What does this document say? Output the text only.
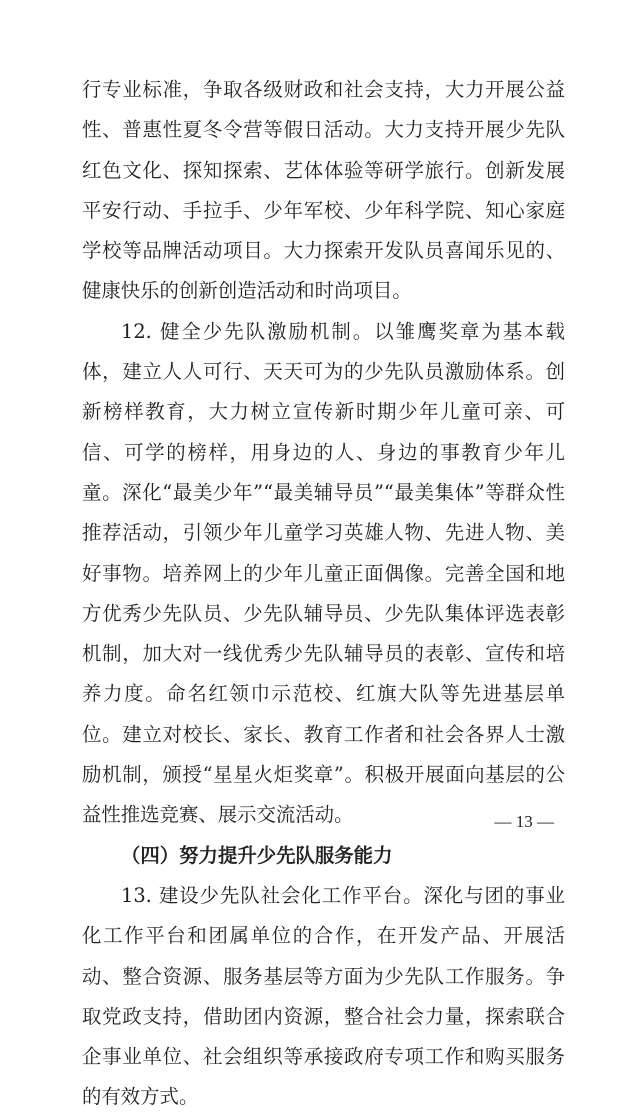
行专业标准，争取各级财政和社会支持，大力开展公益性、普惠性夏冬令营等假日活动。大力支持开展少先队红色文化、探知探索、艺体体验等研学旅行。创新发展平安行动、手拉手、少年军校、少年科学院、知心家庭学校等品牌活动项目。大力探索开发队员喜闻乐见的、健康快乐的创新创造活动和时尚项目。

12. 健全少先队激励机制。以雏鹰奖章为基本载体，建立人人可行、天天可为的少先队员激励体系。创新榜样教育，大力树立宣传新时期少年儿童可亲、可信、可学的榜样，用身边的人、身边的事教育少年儿童。深化“最美少年”“最美辅导员”“最美集体”等群众性推荐活动，引领少年儿童学习英雄人物、先进人物、美好事物。培养网上的少年儿童正面偶像。完善全国和地方优秀少先队员、少先队辅导员、少先队集体评选表彰机制，加大对一线优秀少先队辅导员的表彰、宣传和培养力度。命名红领巾示范校、红旗大队等先进基层单位。建立对校长、家长、教育工作者和社会各界人士激励机制，颁授“星星火炬奖章”。积极开展面向基层的公益性推选竞赛、展示交流活动。

（四）努力提升少先队服务能力

13. 建设少先队社会化工作平台。深化与团的事业化工作平台和团属单位的合作，在开发产品、开展活动、整合资源、服务基层等方面为少先队工作服务。争取党政支持，借助团内资源，整合社会力量，探索联合企事业单位、社会组织等承接政府专项工作和购买服务的有效方式。

— 13 —
